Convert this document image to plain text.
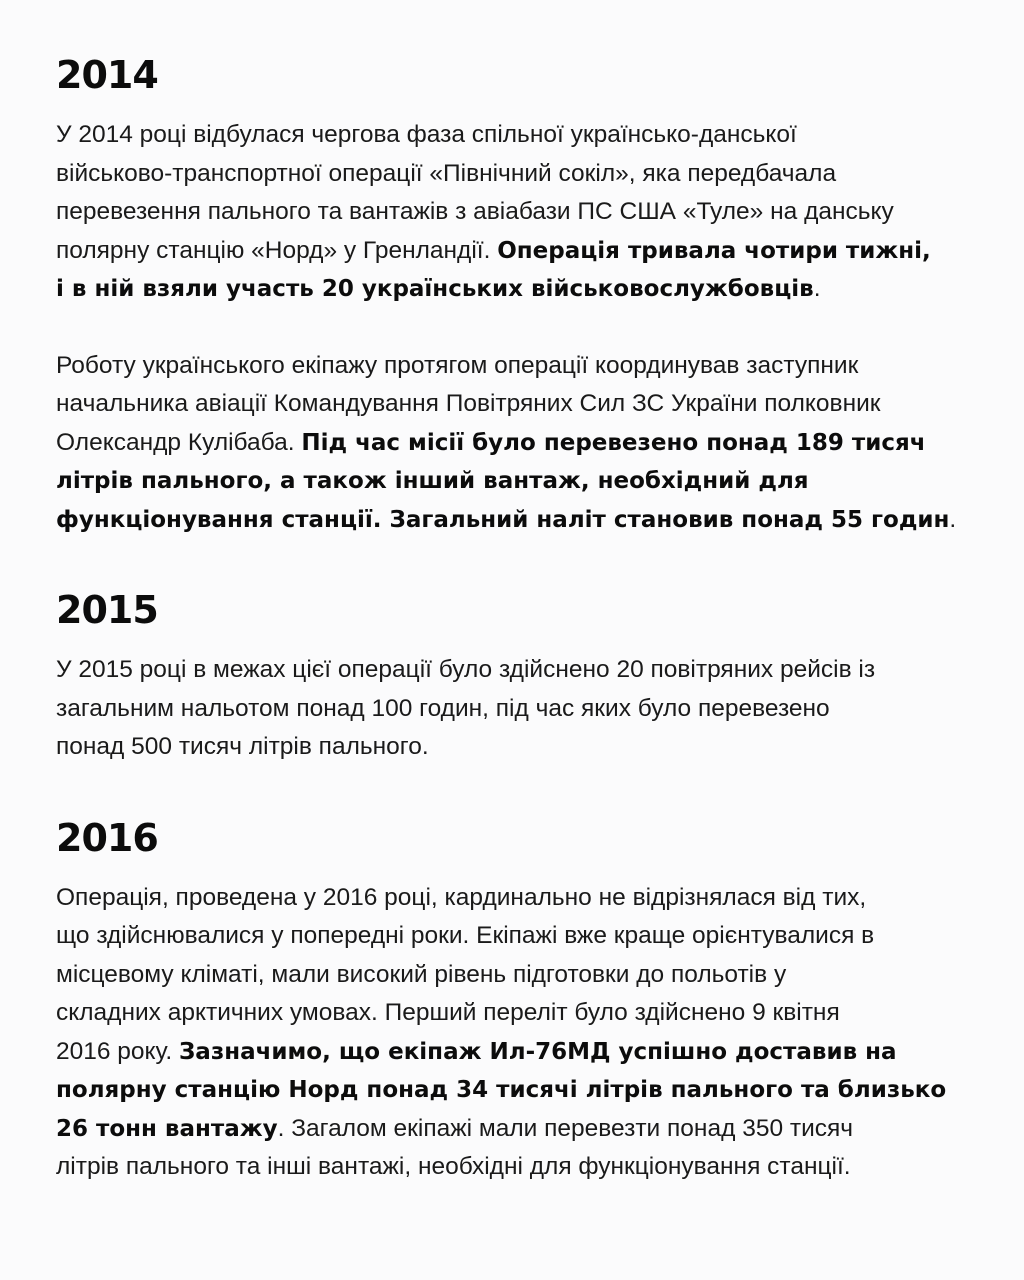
2014

У 2014 році відбулася чергова фаза спільної українсько-данської
військово-транспортної операції «Північний сокіл», яка передбачала
перевезення пального та вантажів з авіабази ПС США «Туле» на данську
полярну станцію «Норд» у Гренландії. Операція тривала чотири тижні,
і в ній взяли участь 20 українських військовослужбовців.

Роботу українського екіпажу протягом операції координував заступник
начальника авіації Командування Повітряних Сил ЗС України полковник
Олександр Кулібаба. Під час місії було перевезено понад 189 тисяч
літрів пального, а також інший вантаж, необхідний для
функціонування станції. Загальний наліт становив понад 55 годин.

2015

У 2015 році в межах цієї операції було здійснено 20 повітряних рейсів із
загальним нальотом понад 100 годин, під час яких було перевезено
понад 500 тисяч літрів пального.

2016

Операція, проведена у 2016 році, кардинально не відрізнялася від тих,
що здійснювалися у попередні роки. Екіпажі вже краще орієнтувалися в
місцевому кліматі, мали високий рівень підготовки до польотів у
складних арктичних умовах. Перший переліт було здійснено 9 квітня
2016 року. Зазначимо, що екіпаж Ил-76МД успішно доставив на
полярну станцію Норд понад 34 тисячі літрів пального та близько
26 тонн вантажу. Загалом екіпажі мали перевезти понад 350 тисяч
літрів пального та інші вантажі, необхідні для функціонування станції.
